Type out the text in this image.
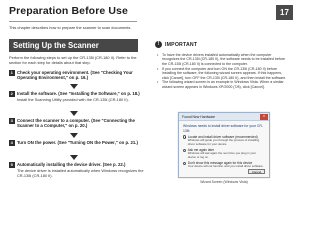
Preparation Before Use	17
This chapter describes how to prepare the scanner to scan documents.
Setting Up the Scanner
Perform the following steps to set up the CR-135i (CR-180 II). Refer to the section for each step for details about that step.
1 Check your operating environment. (See "Checking Your Operating Environment," on p. 16.)
2 Install the software. (See "Installing the Software," on p. 18.)
Install the Scanning Utility provided with the CR-135i (CR-180 II).
3 Connect the scanner to a computer. (See "Connecting the Scanner to a Computer," on p. 20.)
4 Turn ON the power. (See "Turning ON the Power," on p. 21.)
5 Automatically installing the device driver. (See p. 22.)
The device driver is installed automatically when Windows recognizes the CR-135i (CR-180 II).
!	IMPORTANT
• To have the device drivers installed automatically when the computer recognizes the CR-135i (CR-180 II), the software needs to be installed before the CR-135i (CR-180 II) is connected to the computer.
• If you connect the computer and turn ON the CR-135i (CR-180 II) before installing the software, the following wizard screen appears. If this happens, click [Cancel], turn OFF the CR-135i (CR-180 II), and then install the software.
• The following wizard screen is an example in Windows Vista. When a similar wizard screen appears in Windows XP/2000 (7/8), click [Cancel].
Found New Hardware	x
Windows needs to install driver software for your CR-135i
Locate and install driver software (recommended)
Windows will guide you through the process of installing driver software for your device.
Ask me again later
Windows will ask again the next time you plug in your device or log on.
Don't show this message again for this device
Your device will not function until you install driver software.
Cancel
Wizard Screen (Windows Vista)
